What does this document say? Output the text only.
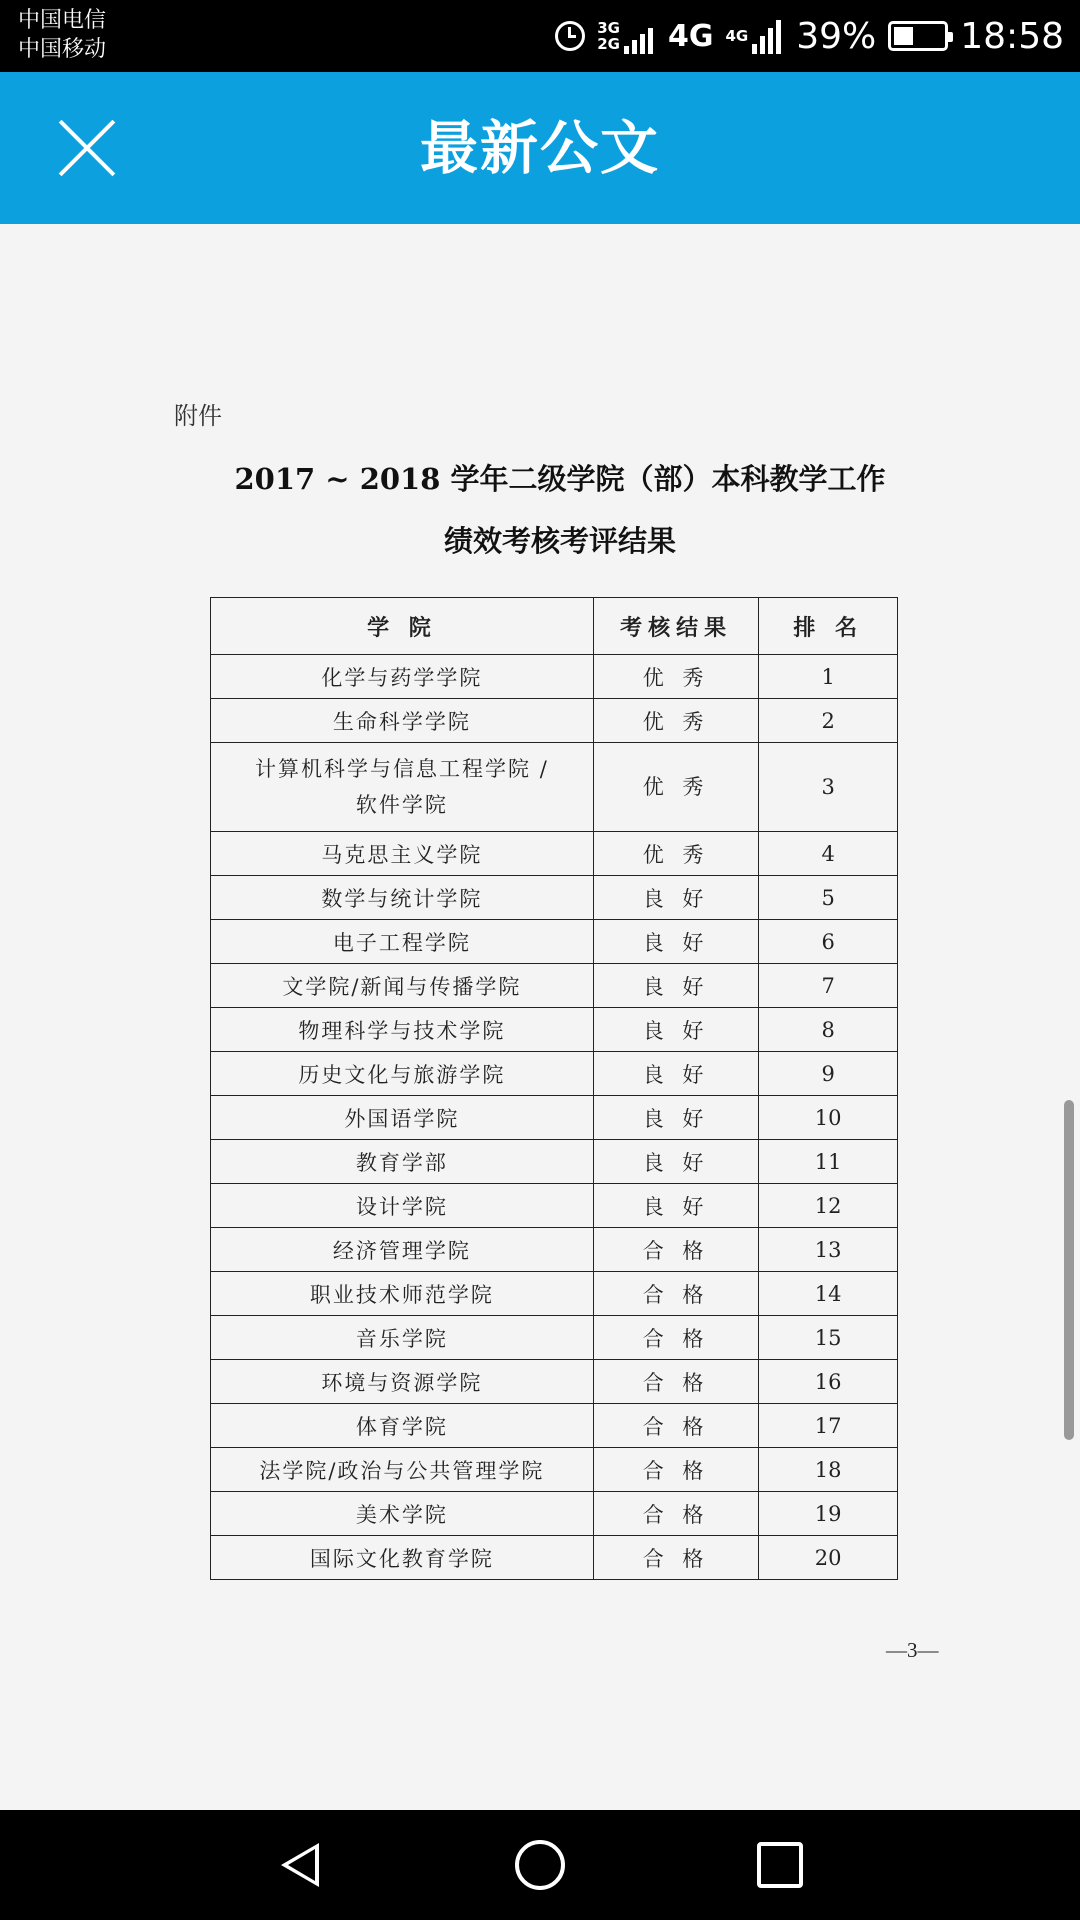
中国电信
中国移动
3G
2G 4G 4G 39% 18:58
最新公文
附件
2017 ~ 2018 学年二级学院（部）本科教学工作
绩效考核考评结果
学 院	考核结果	排 名
化学与药学学院	优 秀	1
生命科学学院	优 秀	2

计算机科学与信息工程学院 /
软件学院	优 秀	3
马克思主义学院	优 秀	4
数学与统计学院	良 好	5
电子工程学院	良 好	6
文学院/新闻与传播学院	良 好	7
物理科学与技术学院	良 好	8
历史文化与旅游学院	良 好	9
外国语学院	良 好	10
教育学部	良 好	11
设计学院	良 好	12
经济管理学院	合 格	13
职业技术师范学院	合 格	14
音乐学院	合 格	15
环境与资源学院	合 格	16
体育学院	合 格	17
法学院/政治与公共管理学院	合 格	18
美术学院	合 格	19
国际文化教育学院	合 格	20
—3—
